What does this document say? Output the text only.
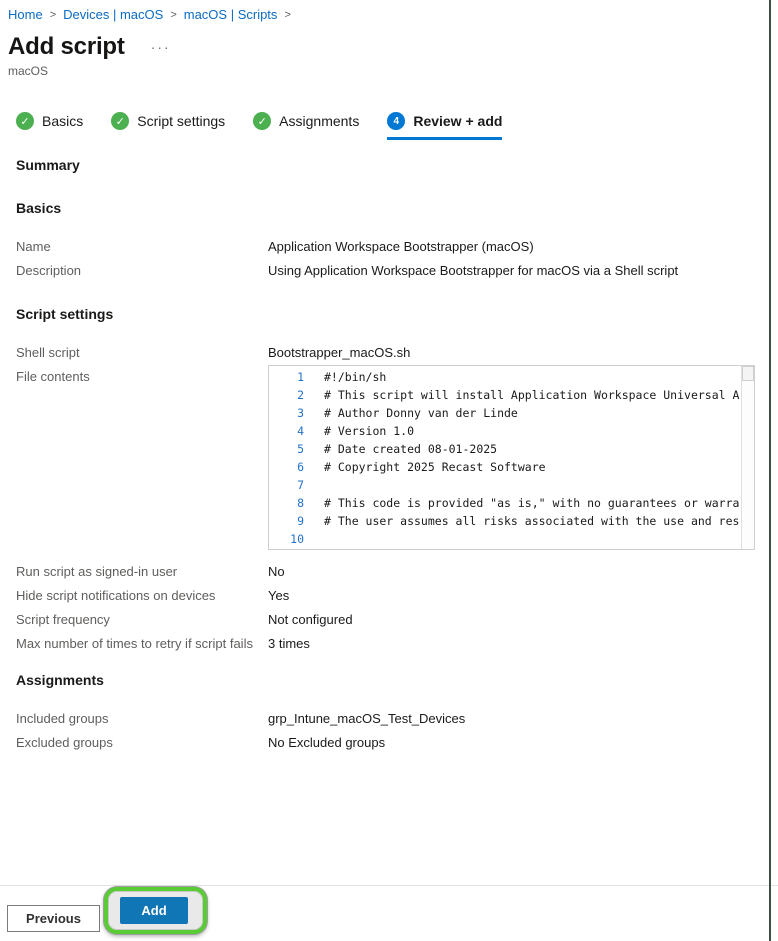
Home > Devices | macOS > macOS | Scripts >
Add script ···
macOS
✓ Basics	✓ Script settings	✓ Assignments	4	Review + add
Summary
Basics
Name	Application Workspace Bootstrapper (macOS)
Description	Using Application Workspace Bootstrapper for macOS via a Shell script
Script settings
Shell script	Bootstrapper_macOS.sh
File contents	1	#!/bin/sh
2	# This script will install Application Workspace Universal A
3	# Author Donny van der Linde
4	# Version 1.0
5	# Date created 08-01-2025
6	# Copyright 2025 Recast Software
7
8	# This code is provided "as is," with no guarantees or warra
9	# The user assumes all risks associated with the use and res
10
Run script as signed-in user	No
Hide script notifications on devices	Yes
Script frequency	Not configured
Max number of times to retry if script fails	3 times
Assignments
Included groups	grp_Intune_macOS_Test_Devices
Excluded groups	No Excluded groups
Previous
Add
